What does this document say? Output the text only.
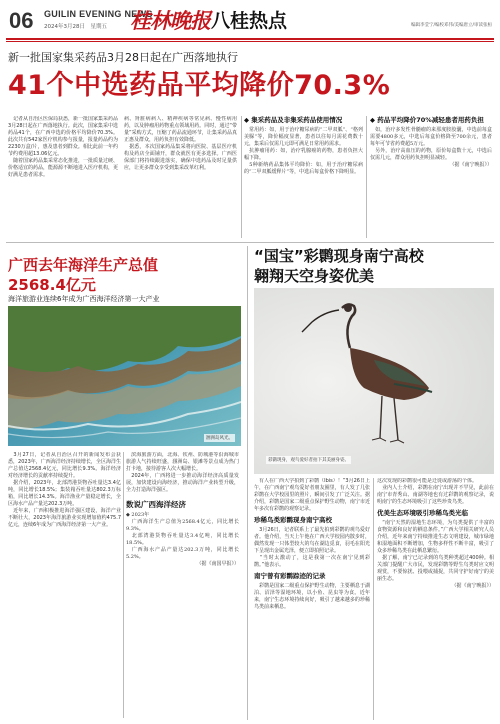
06 GUILIN EVENING NEWS
2024年3月28日　星期五 桂林晚报 八桂热点	编辑李莹宁/编校邓伟/美编唐立/审读张桓
新一批国家集采药品3月28日起在广西落地执行
41个中选药品平均降价70.3%
　记者从自治区医保局获悉，新一批国家集采药品3月28日起在广西落地执行。此次，国家集采中选药品41个，在广西中选的价格平均降价70.3%。此次共有542家医疗机构参与报量，报量药品约为2230万盒/片，惠及患者到群众。相比此前一年约节约费用超13.06亿元。
　随着国家药品集采常态化推进，一批质量过硬、价格适宜的药品，能源源不断地进入医疗机构，更好满足患者需求。
病、肾脏病病人、精神疾病等常见病、慢性病用药，以及肿瘤用药物重点领域用药。同时，通过“带量”采购方式，压缩了药品流通环节，让集采药品真正惠及群众，用药负担有效降低。
　据悉，本次国家药品集采将向医院、基层医疗机构及药店全面铺开，群众就医有更多选择。广西医保部门将持续跟进落实，确保中选药品及时足量供应，让更多群众享受到集采改革红利。
◆ 集采药品及非集采药品使用情况
　常用药：如，用于治疗糖尿病的“二甲双胍”、“格列美脲”等，降价幅度显著，患者以往每月需花费数十元，集采后仅需几元即可满足日常用药需求。
　抗肿瘤用药：如，治疗乳腺癌的药物，患者负担大幅下降。
　5种新纳药品集体平均降价：如，用于治疗糖尿病的“二甲双胍缓释片”等，中选后每盒价格下降明显。
◆ 药品平均降价70%减轻患者用药负担
　如，治疗多发性骨髓瘤的来那度胺胶囊，中选前每盒需要4800多元，中选后每盒价格降至700余元，患者每年可节省药费超5万元。
　另外，治疗高血压的药物，原价每盒数十元，中选后仅需几元，群众用药负担明显减轻。
（据《南宁晚报》）
广西去年海洋生产总值
2568.4亿元
海洋旅游业连续6年成为广西海洋经济第一大产业
涠洲岛风光。
　3月27日，记者从自治区召开的新闻发布会获悉，2023年，广西海洋经济持续增长，全区海洋生产总值达2568.4亿元，同比增长9.3%。海洋经济对经济增长的贡献率持续提升。
　据介绍，2023年，北部湾港货物吞吐量达3.4亿吨，同比增长18.5%；集装箱吞吐量达802.3万标箱，同比增长14.3%。海洋渔业产量稳定增长，全区海水产品产量达202.3万吨。
　近年来，广西积极推进海洋强区建设，海洋产业不断壮大，2023年海洋旅游业实现增加值约475.7亿元，连续6年成为广西海洋经济第一大产业。
　滨海旅游方面，北海、钦州、防城港等沿海城市旅游人气持续旺盛，涠洲岛、银滩等景点成为热门打卡地，接待游客人次大幅增长。
　2024年，广西将进一步推动海洋经济高质量发展，加快建设向海经济，推动海洋产业转型升级，全力打造海洋强区。
数说广西海洋经济
◆ 2023年
　广西海洋生产总值为2568.4亿元，同比增长9.3%。
　北部湾港货物吞吐量达3.4亿吨，同比增长18.5%。
　广西海水产品产量达202.3万吨，同比增长5.2%。
（据《南国早报》）
“国宝”彩鹮现身南宁高校
翱翔天空身姿优美
彩鹮现身，观鸟爱好者拍下其美丽身姿。
　有人在广西大学拍到了彩鹮（Ibis）！”3月26日上午，在广西南宁观鸟爱好者朋友圈里，有人发了几张彩鹮在大学校园里的照片，瞬间引发了广泛关注。据介绍，彩鹮是国家二级重点保护野生动物，南宁市近年多次有彩鹮的观察记录。
珍稀鸟类彩鹮现身南宁高校
　3月26日，记者联系上了最先拍到彩鹮的观鸟爱好者。他介绍，当天上午他在广西大学校园内散步时，偶然发现一只体型较大的鸟在湖边觅食，羽毛在阳光下呈现出金属光泽，便立即拍照记录。
　“当时太激动了，这是我第一次在南宁见到彩鹮。”他表示。
南宁曾有彩鹮踪迹的记录
　彩鹮是国家二级重点保护野生动物，主要栖息于湖泊、沼泽等湿地环境，以小鱼、昆虫等为食。近年来，南宁生态环境持续向好，吸引了越来越多的珍稀鸟类前来栖息。
这次发现的彩鹮很可能是迁徙或游荡的个体。
　业内人士介绍，彩鹮在南宁出现并不罕见，此前在南宁市青秀山、南湖等地也有过彩鹮的观察记录，说明南宁的生态环境吸引了这些珍贵鸟类。
优美生态环境吸引珍稀鸟类光临
　“南宁天然的湿地生态环境，为鸟类提供了丰富的食物资源和良好的栖息条件。”广西大学相关研究人员介绍，近年来南宁持续推进生态文明建设，城市绿地和湿地面积不断增加，生物多样性不断丰富，吸引了众多珍稀鸟类在此栖息繁衍。
　据了解，南宁已记录到的鸟类种类超过400种。相关部门提醒广大市民，发现彩鹮等野生鸟类时应文明观赏，不要惊扰、投喂或捕捉，共同守护好南宁的美丽生态。
（据《南宁晚报》）
